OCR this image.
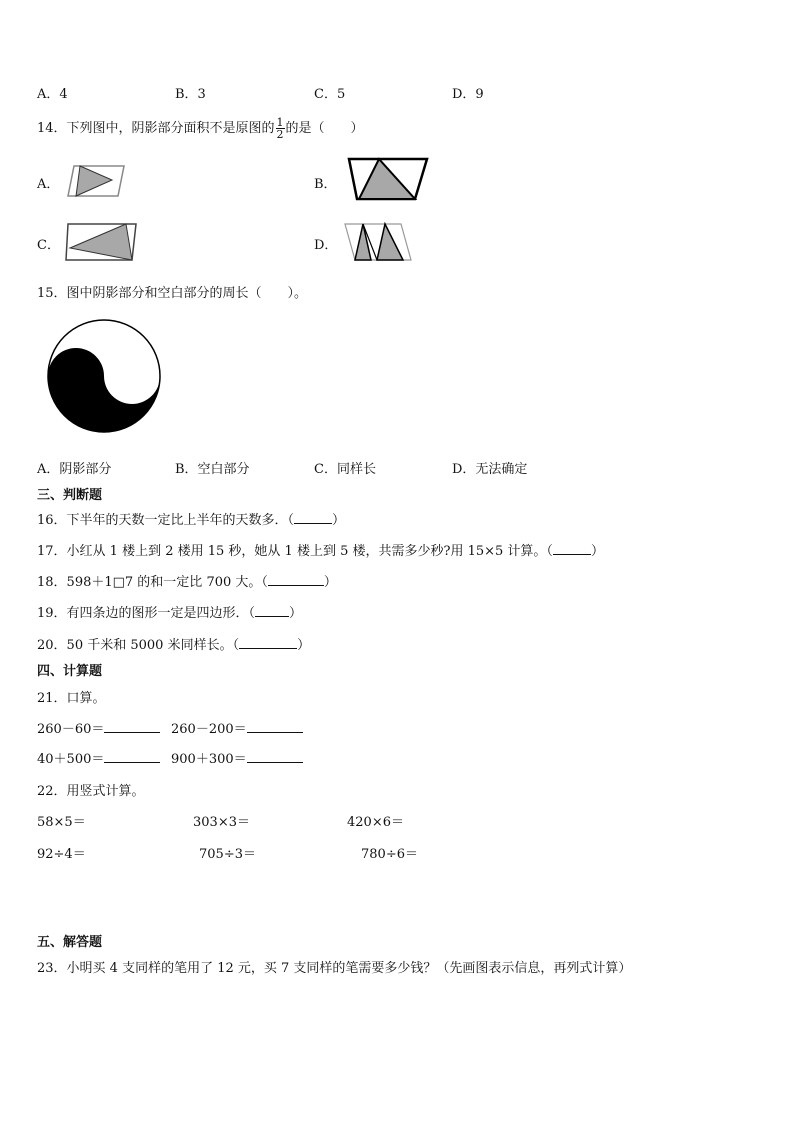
A．4	B．3	C．5	D．9
14．下列图中，阴影部分面积不是原图的 $\frac{1}{2}$ 的是（　　）
A．	B．
C．	D．
15．图中阴影部分和空白部分的周长（　　）。
A．阴影部分	B．空白部分	C．同样长	D．无法确定
三、判断题
16．下半年的天数一定比上半年的天数多．（	）
17．小红从 1 楼上到 2 楼用 15 秒，她从 1 楼上到 5 楼，共需多少秒?用 15×5 计算。（	）
18．598＋1□7 的和一定比 700 大。（	）
19．有四条边的图形一定是四边形．（	）
20．50 千米和 5000 米同样长。（	）
四、计算题
21．口算。
260－60＝	260－200＝
40＋500＝	900＋300＝
22．用竖式计算。
58×5＝	303×3＝	420×6＝
92÷4＝	705÷3＝	780÷6＝
五、解答题
23．小明买 4 支同样的笔用了 12 元，买 7 支同样的笔需要多少钱？（先画图表示信息，再列式计算）
